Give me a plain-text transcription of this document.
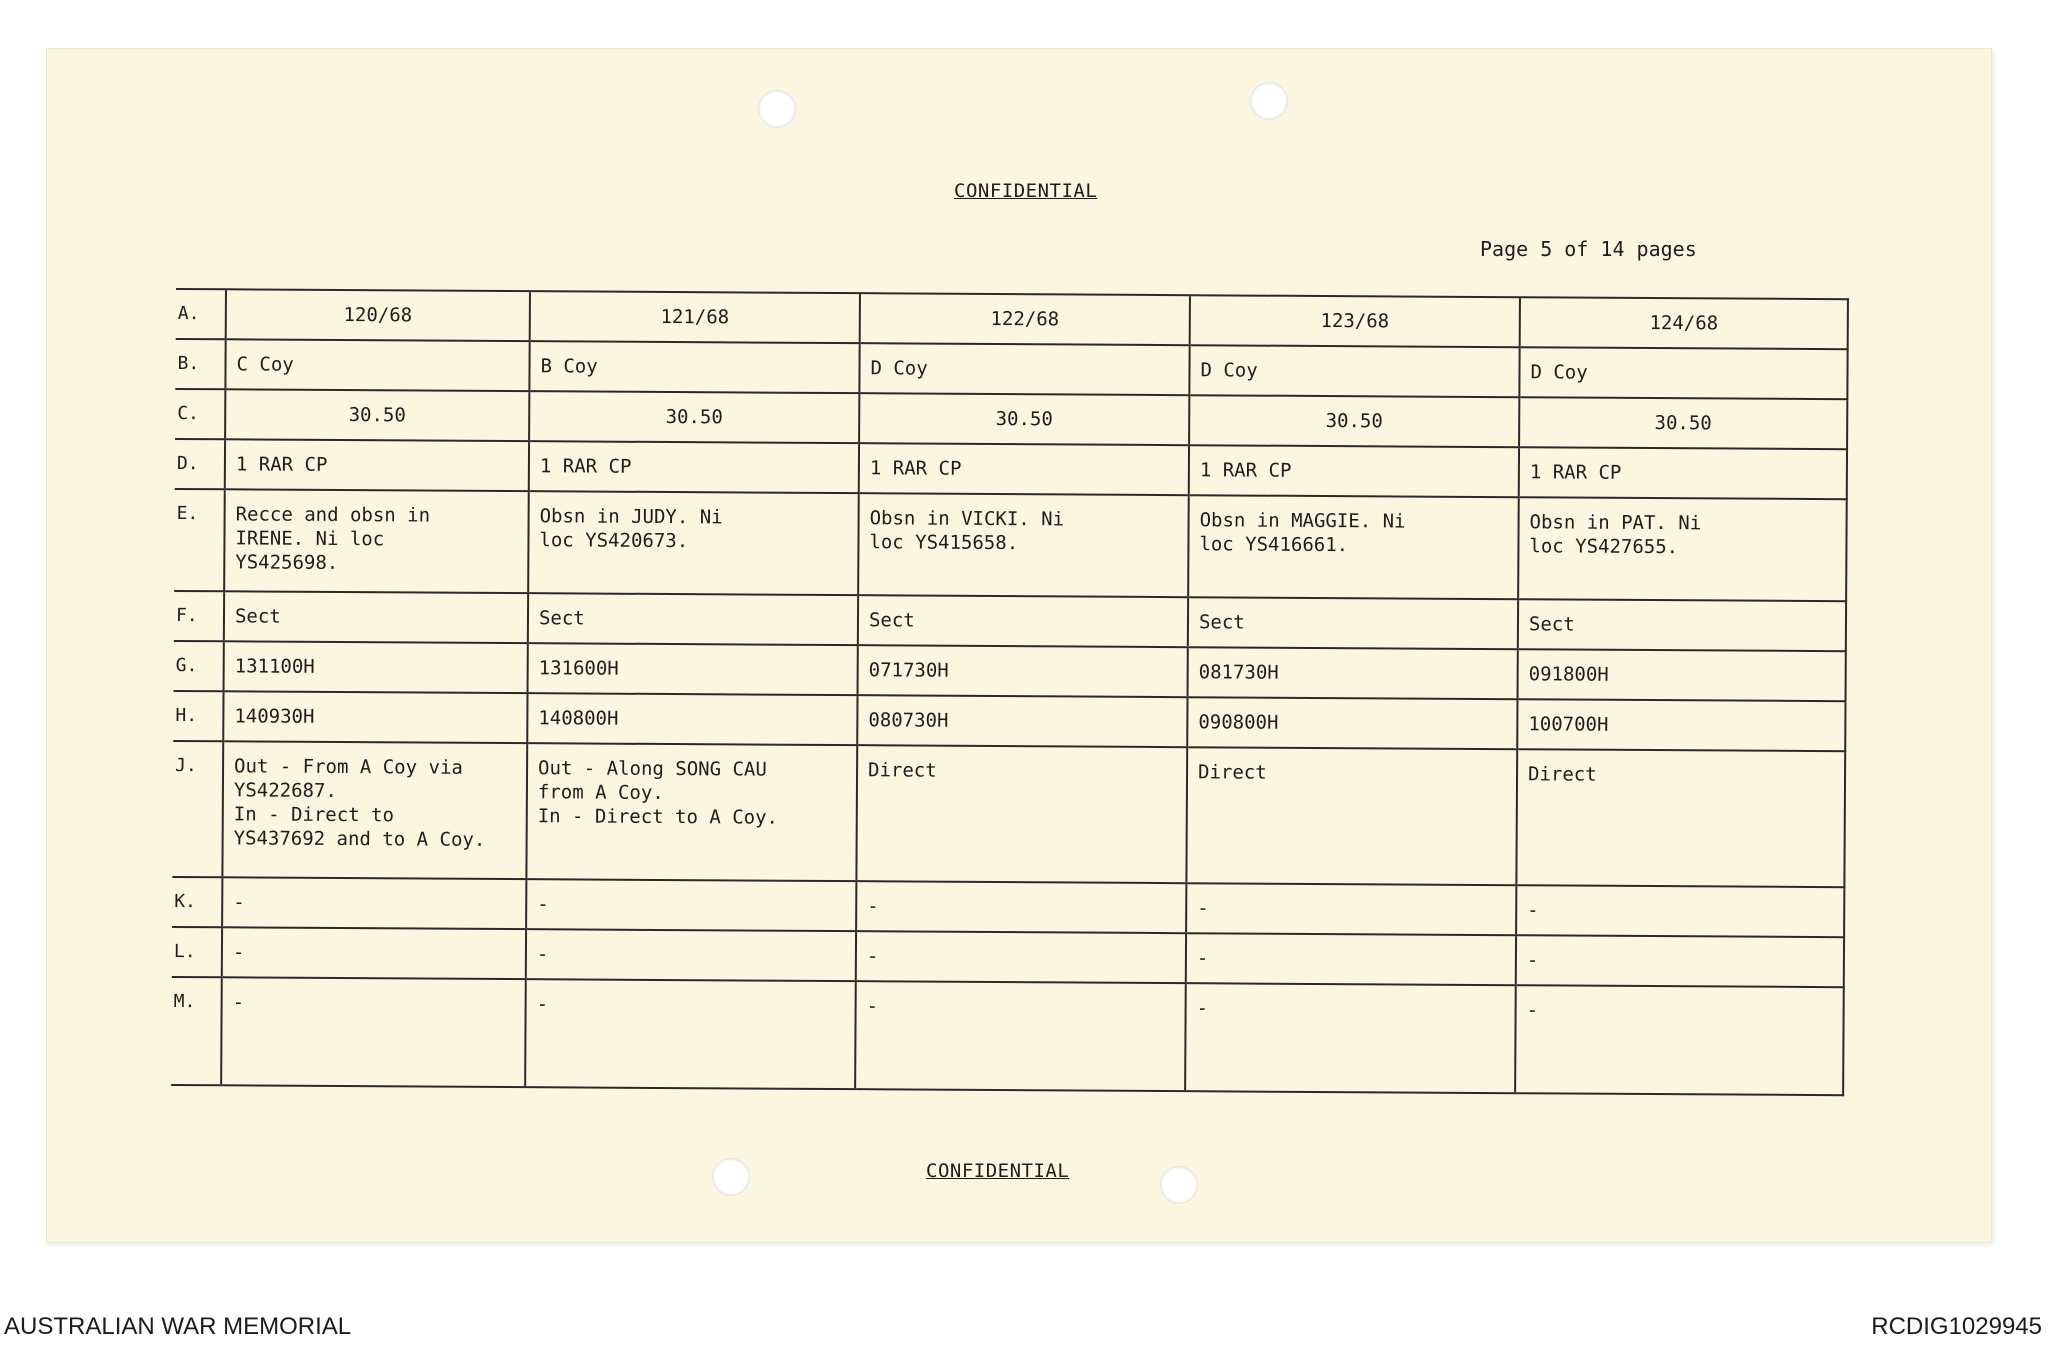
CONFIDENTIAL
Page 5 of 14 pages
A.	120/68	121/68	122/68	123/68	124/68
B.	C Coy	B Coy	D Coy	D Coy	D Coy
C.	30.50	30.50	30.50	30.50	30.50
D.	1 RAR CP	1 RAR CP	1 RAR CP	1 RAR CP	1 RAR CP
E.	Recce and obsn in
IRENE. Ni loc
YS425698.	Obsn in JUDY. Ni
loc YS420673.	Obsn in VICKI. Ni
loc YS415658.	Obsn in MAGGIE. Ni
loc YS416661.	Obsn in PAT. Ni
loc YS427655.
F.	Sect	Sect	Sect	Sect	Sect
G.	131100H	131600H	071730H	081730H	091800H
H.	140930H	140800H	080730H	090800H	100700H
J.	Out - From A Coy via
YS422687.
In - Direct to
YS437692 and to A Coy.	Out - Along SONG CAU
from A Coy.
In - Direct to A Coy.	Direct	Direct	Direct
K.	-	-	-	-	-
L.	-	-	-	-	-
M.	-	-	-	-	-
CONFIDENTIAL
AUSTRALIAN WAR MEMORIAL	RCDIG1029945
